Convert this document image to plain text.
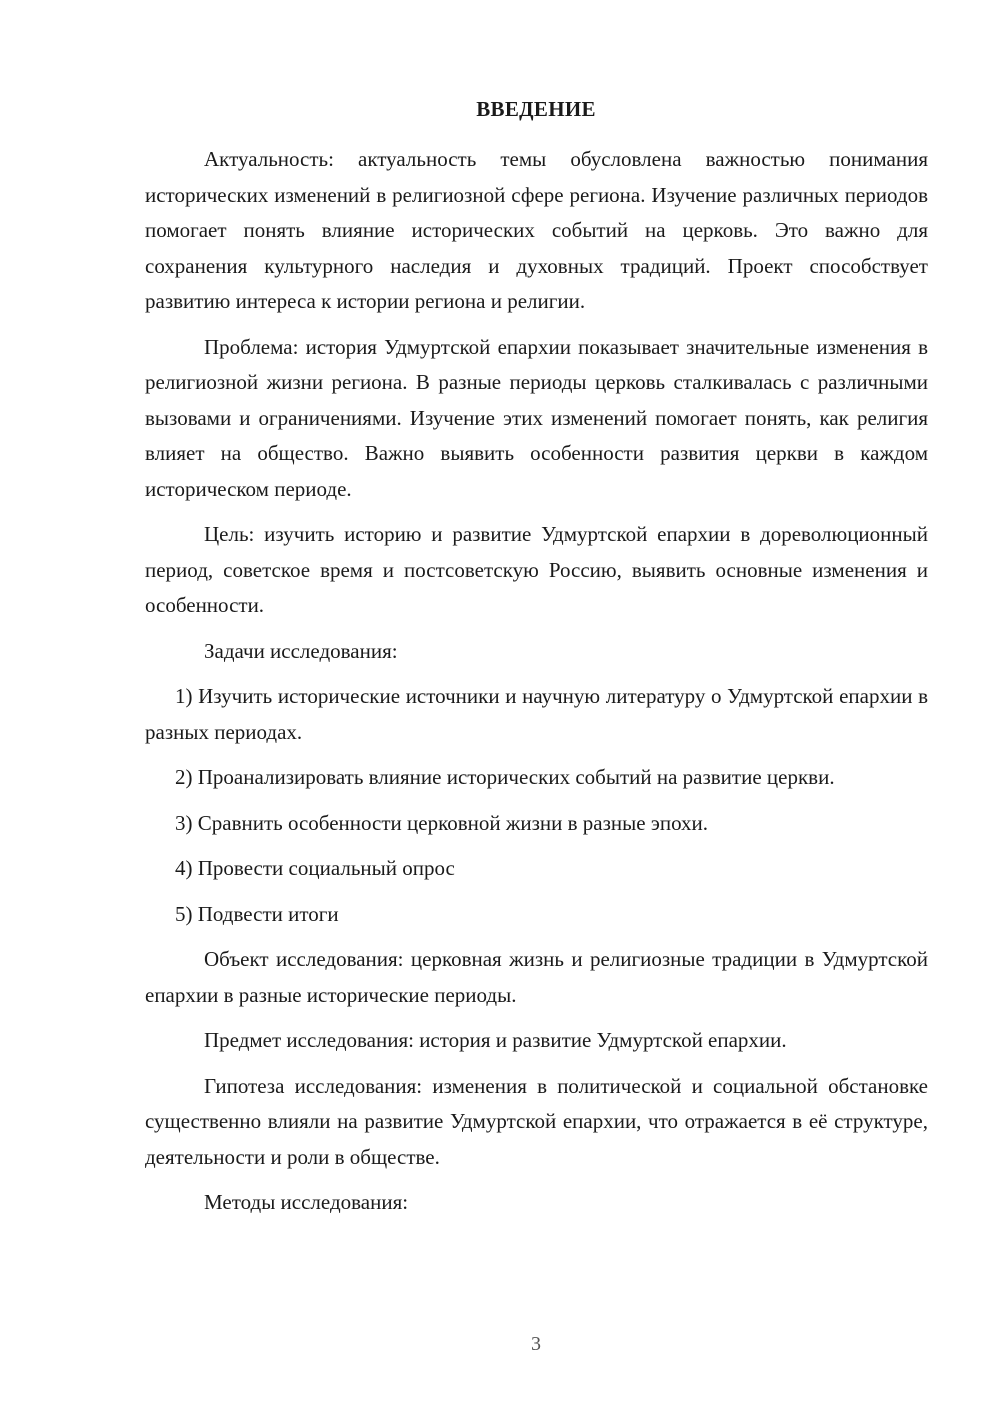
ВВЕДЕНИЕ

Актуальность: актуальность темы обусловлена важностью понимания исторических изменений в религиозной сфере региона. Изучение различных периодов помогает понять влияние исторических событий на церковь. Это важно для сохранения культурного наследия и духовных традиций. Проект способствует развитию интереса к истории региона и религии.

Проблема: история Удмуртской епархии показывает значительные изменения в религиозной жизни региона. В разные периоды церковь сталкивалась с различными вызовами и ограничениями. Изучение этих изменений помогает понять, как религия влияет на общество. Важно выявить особенности развития церкви в каждом историческом периоде.

Цель: изучить историю и развитие Удмуртской епархии в дореволюционный период, советское время и постсоветскую Россию, выявить основные изменения и особенности.

Задачи исследования:

1) Изучить исторические источники и научную литературу о Удмуртской епархии в разных периодах.

2) Проанализировать влияние исторических событий на развитие церкви.

3) Сравнить особенности церковной жизни в разные эпохи.

4) Провести социальный опрос

5) Подвести итоги

Объект исследования: церковная жизнь и религиозные традиции в Удмуртской епархии в разные исторические периоды.

Предмет исследования: история и развитие Удмуртской епархии.

Гипотеза исследования: изменения в политической и социальной обстановке существенно влияли на развитие Удмуртской епархии, что отражается в её структуре, деятельности и роли в обществе.

Методы исследования:

3
